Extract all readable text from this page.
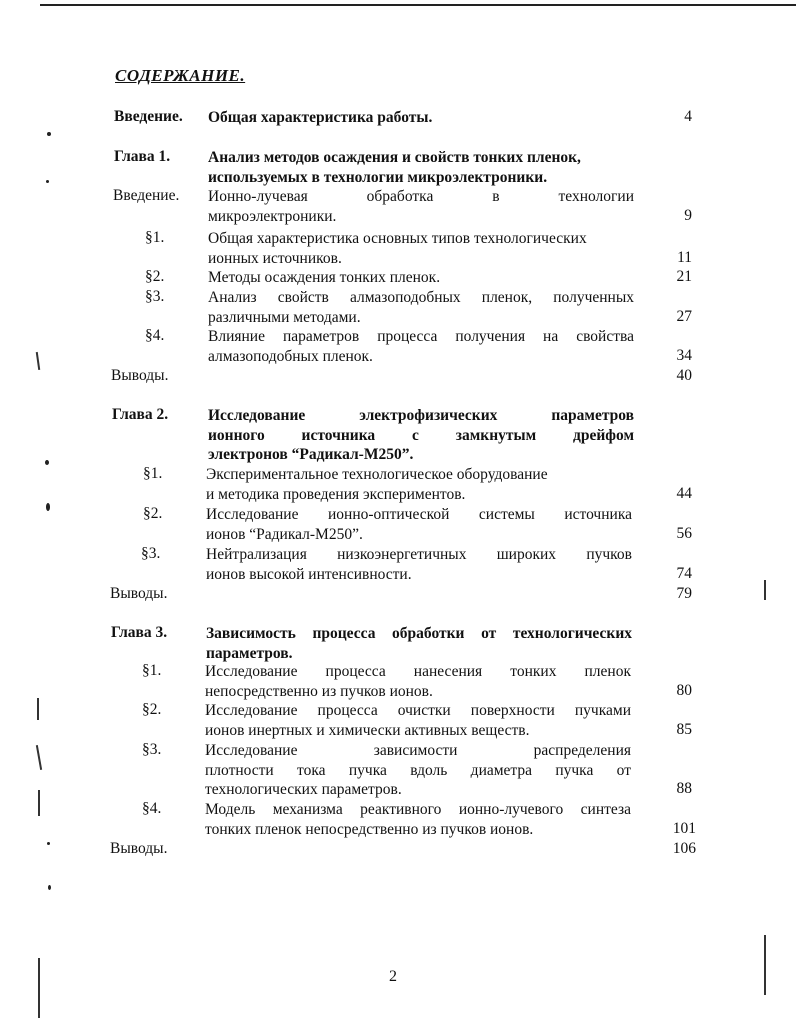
СОДЕРЖАНИЕ.
Введение. Общая характеристика работы.	4
Глава 1. Анализ методов осаждения и свойств тонких пленок,
используемых в технологии микроэлектроники.
Введение. Ионно-лучевая обработка в технологии
микроэлектроники.	9
§1.	Общая характеристика основных типов технологических
ионных источников.	11
§2.	Методы осаждения тонких пленок.	21
§3.	Анализ свойств алмазоподобных пленок, полученных
различными методами.	27
§4.	Влияние параметров процесса получения на свойства
алмазоподобных пленок.	34
Выводы.	40
Глава 2.	Исследование электрофизических параметров
ионного источника с замкнутым дрейфом
электронов “Радикал-М250”.
§1.	Экспериментальное технологическое оборудование
и методика проведения экспериментов.	44
§2.	Исследование ионно-оптической системы источника
ионов “Радикал-М250”.	56
§3.	Нейтрализация низкоэнергетичных широких пучков
ионов высокой интенсивности.	74
Выводы.	79
Глава 3.	Зависимость процесса обработки от технологических
параметров.
§1.	Исследование процесса нанесения тонких пленок
непосредственно из пучков ионов.	80
§2.	Исследование процесса очистки поверхности пучками
ионов инертных и химически активных веществ.	85
§3.	Исследование зависимости распределения
плотности тока пучка вдоль диаметра пучка от
технологических параметров.	88
§4.	Модель механизма реактивного ионно-лучевого синтеза
тонких пленок непосредственно из пучков ионов.	101
Выводы.	106
2
